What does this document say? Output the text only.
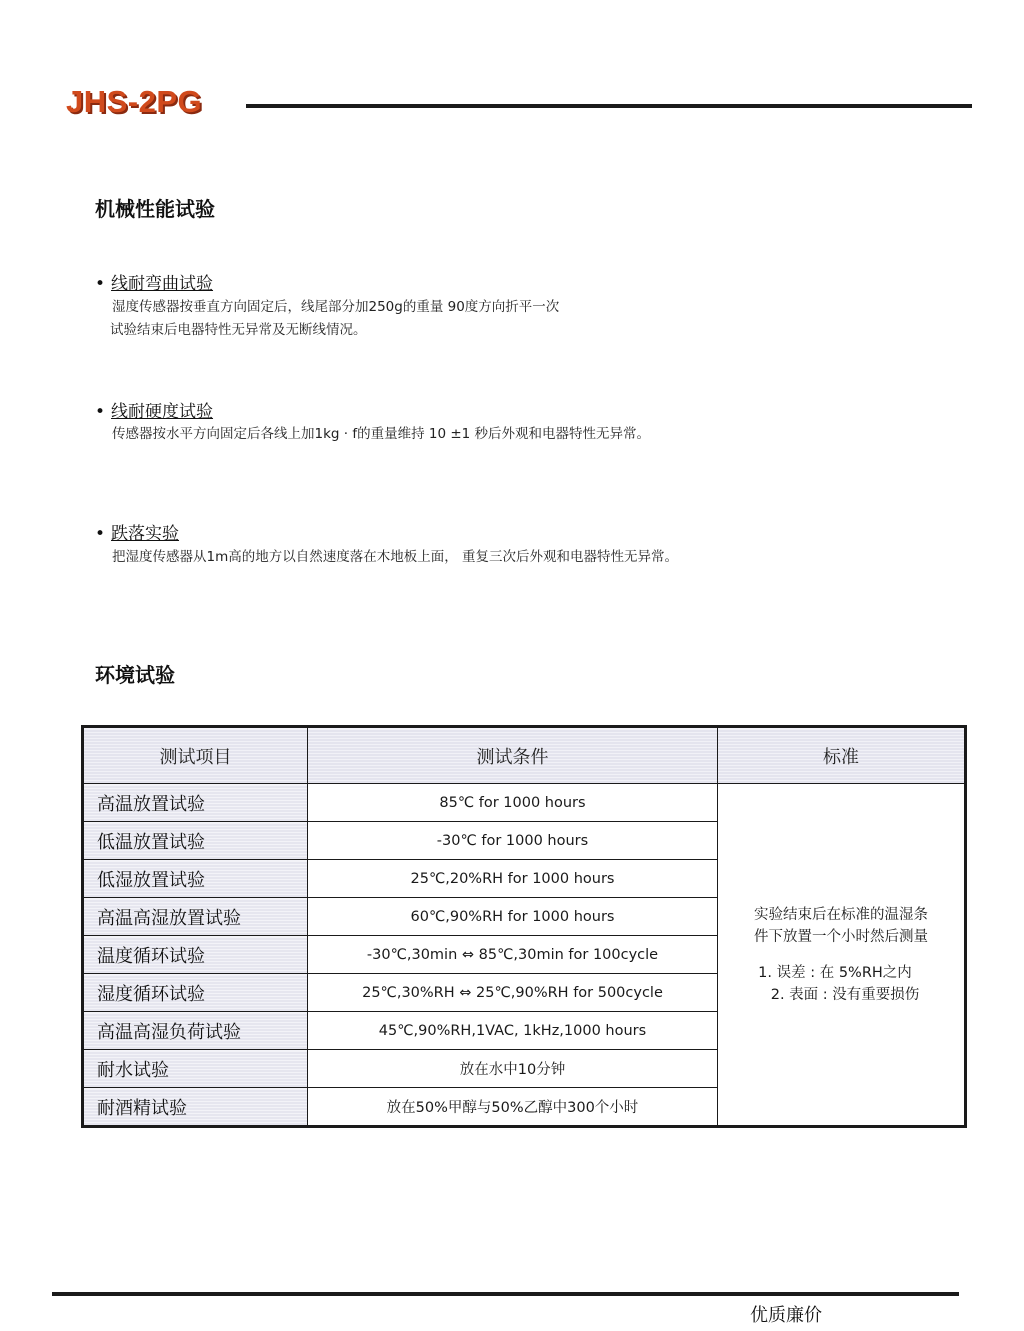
JHS-2PG
机械性能试验
• 线耐弯曲试验
湿度传感器按垂直方向固定后，线尾部分加250g的重量 90度方向折平一次
试验结束后电器特性无异常及无断线情况。
• 线耐硬度试验
传感器按水平方向固定后各线上加1kg · f的重量维持 10 ±1 秒后外观和电器特性无异常。
• 跌落实验
把湿度传感器从1m高的地方以自然速度落在木地板上面， 重复三次后外观和电器特性无异常。
环境试验
测试项目	测试条件	标准
高温放置试验	85℃ for 1000 hours	实验结束后在标准的温湿条
件下放置一个小时然后测量
1. 误差 : 在 5%RH之内
2. 表面 : 没有重要损伤

低温放置试验	-30℃ for 1000 hours	
低湿放置试验	25℃,20%RH for 1000 hours	
高温高湿放置试验	60℃,90%RH for 1000 hours	
温度循环试验	-30℃,30min ⇔ 85℃,30min for 100cycle	
湿度循环试验	25℃,30%RH ⇔ 25℃,90%RH for 500cycle	
高温高湿负荷试验	45℃,90%RH,1VAC, 1kHz,1000 hours	
耐水试验	放在水中10分钟	
耐酒精试验	放在50%甲醇与50%乙醇中300个小时	
优质廉价
